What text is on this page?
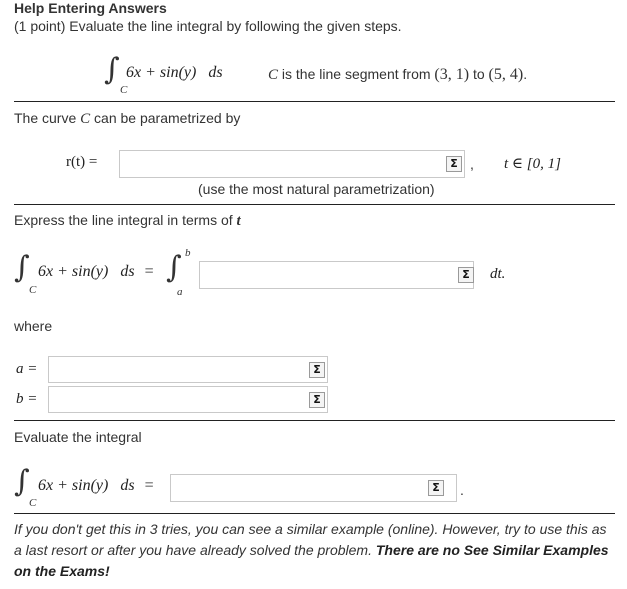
Help Entering Answers
(1 point) Evaluate the line integral by following the given steps.
∫
C
6x + sin(y) ds	C is the line segment from (3, 1) to (5, 4).
The curve C can be parametrized by
r(t) =	Σ , t ∈ [0, 1]
(use the most natural parametrization)
Express the line integral in terms of t
∫
C
6x + sin(y) ds = ∫ b
a
Σ dt.
where
a =	Σ
b =	Σ
Evaluate the integral
∫
C
6x + sin(y) ds =	Σ	.
If you don't get this in 3 tries, you can see a similar example (online). However, try to use this as a last resort or after you have already solved the problem. There are no See Similar Examples on the Exams!
